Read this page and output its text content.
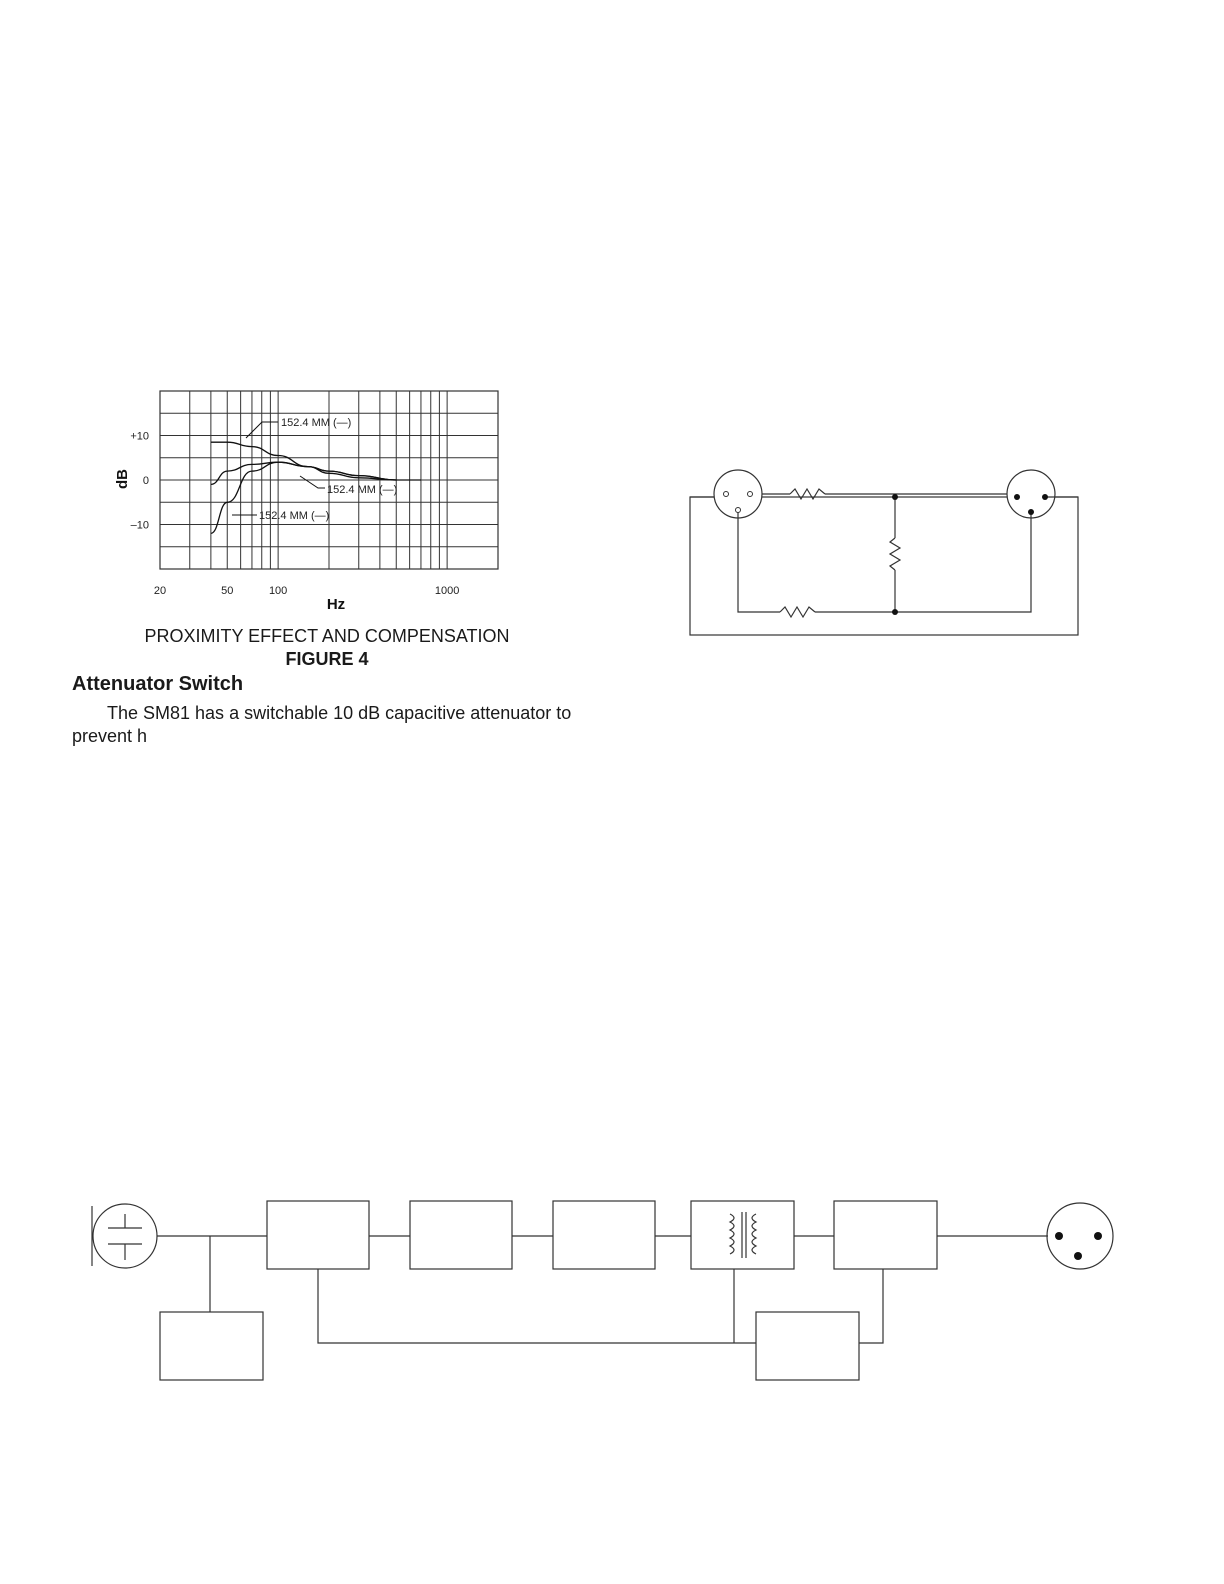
20	50	100	1000
+10
0
–10
Hz
dB
152.4 MM (—)
152.4 MM (—)
152.4 MM (—)
PROXIMITY EFFECT AND COMPENSATION
FIGURE 4
Attenuator Switch
The SM81 has a switchable 10 dB capacitive attenuator to prevent h
